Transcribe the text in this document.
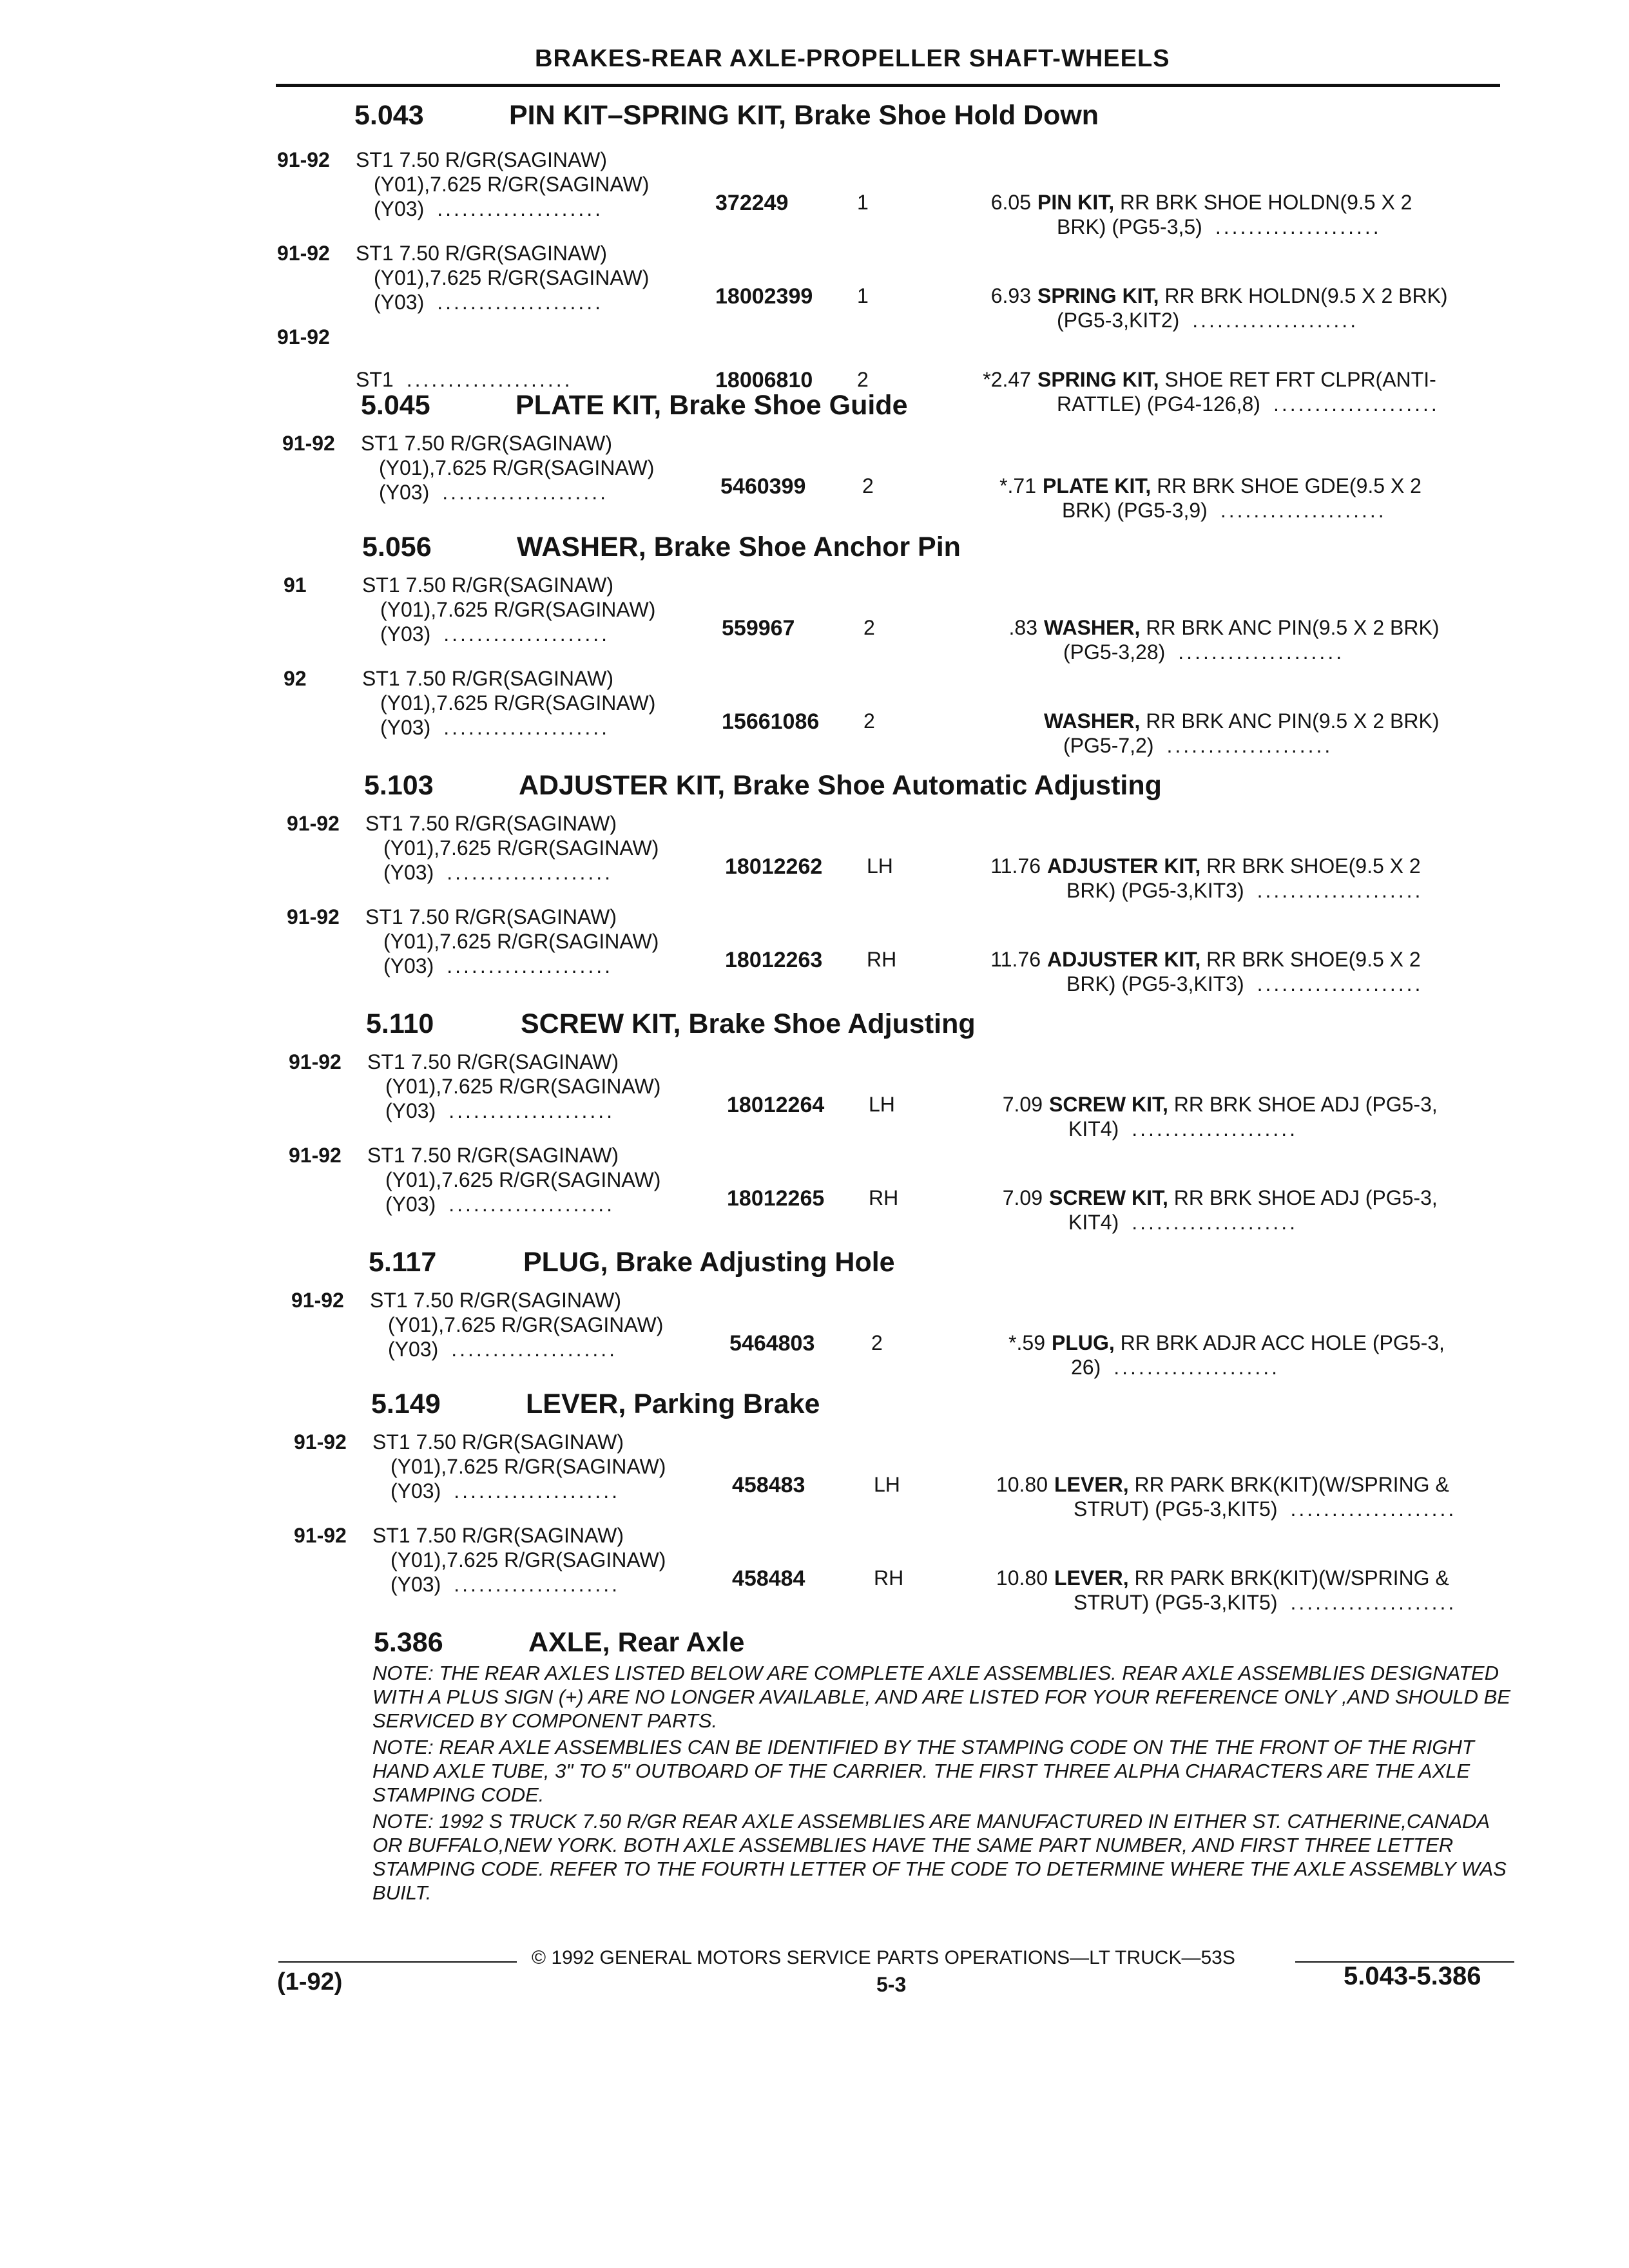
BRAKES-REAR AXLE-PROPELLER SHAFT-WHEELS
5.043	PIN KIT–SPRING KIT, Brake Shoe Hold Down
91-92 ST1 7.50 R/GR(SAGINAW)
(Y01),7.625 R/GR(SAGINAW)
(Y03) ....................	372249	1	6.05 PIN KIT, RR BRK SHOE HOLDN(9.5 X 2
BRK) (PG5-3,5) ....................
91-92 ST1 7.50 R/GR(SAGINAW)
(Y01),7.625 R/GR(SAGINAW)
(Y03) ....................	18002399 1	6.93 SPRING KIT, RR BRK HOLDN(9.5 X 2 BRK)
(PG5-3,KIT2) ....................
91-92
ST1 ....................	18006810 2	*2.47 SPRING KIT, SHOE RET FRT CLPR(ANTI-
RATTLE) (PG4-126,8) ....................
5.045	PLATE KIT, Brake Shoe Guide
91-92 ST1 7.50 R/GR(SAGINAW)
(Y01),7.625 R/GR(SAGINAW)
(Y03) ....................	5460399	2	*.71 PLATE KIT, RR BRK SHOE GDE(9.5 X 2
BRK) (PG5-3,9) ....................
5.056	WASHER, Brake Shoe Anchor Pin
91	ST1 7.50 R/GR(SAGINAW)
(Y01),7.625 R/GR(SAGINAW)
(Y03) ....................	559967	2	.83 WASHER, RR BRK ANC PIN(9.5 X 2 BRK)
(PG5-3,28) ....................
92	ST1 7.50 R/GR(SAGINAW)
(Y01),7.625 R/GR(SAGINAW)
(Y03) ....................	15661086 2	WASHER, RR BRK ANC PIN(9.5 X 2 BRK)
(PG5-7,2) ....................
5.103	ADJUSTER KIT, Brake Shoe Automatic Adjusting
91-92 ST1 7.50 R/GR(SAGINAW)
(Y01),7.625 R/GR(SAGINAW)
(Y03) ....................	18012262 LH	11.76 ADJUSTER KIT, RR BRK SHOE(9.5 X 2
BRK) (PG5-3,KIT3) ....................
91-92 ST1 7.50 R/GR(SAGINAW)
(Y01),7.625 R/GR(SAGINAW)
(Y03) ....................	18012263 RH	11.76 ADJUSTER KIT, RR BRK SHOE(9.5 X 2
BRK) (PG5-3,KIT3) ....................
5.110	SCREW KIT, Brake Shoe Adjusting
91-92 ST1 7.50 R/GR(SAGINAW)
(Y01),7.625 R/GR(SAGINAW)
(Y03) ....................	18012264 LH	7.09 SCREW KIT, RR BRK SHOE ADJ (PG5-3,
KIT4) ....................
91-92 ST1 7.50 R/GR(SAGINAW)
(Y01),7.625 R/GR(SAGINAW)
(Y03) ....................	18012265 RH	7.09 SCREW KIT, RR BRK SHOE ADJ (PG5-3,
KIT4) ....................
5.117	PLUG, Brake Adjusting Hole
91-92 ST1 7.50 R/GR(SAGINAW)
(Y01),7.625 R/GR(SAGINAW)
(Y03) ....................	5464803	2	*.59 PLUG, RR BRK ADJR ACC HOLE (PG5-3,
26) ....................
5.149	LEVER, Parking Brake
91-92 ST1 7.50 R/GR(SAGINAW)
(Y01),7.625 R/GR(SAGINAW)
(Y03) ....................	458483	LH	10.80 LEVER, RR PARK BRK(KIT)(W/SPRING &
STRUT) (PG5-3,KIT5) ....................
91-92 ST1 7.50 R/GR(SAGINAW)
(Y01),7.625 R/GR(SAGINAW)
(Y03) ....................	458484	RH	10.80 LEVER, RR PARK BRK(KIT)(W/SPRING &
STRUT) (PG5-3,KIT5) ....................
5.386	AXLE, Rear Axle
NOTE: THE REAR AXLES LISTED BELOW ARE COMPLETE AXLE ASSEMBLIES. REAR AXLE ASSEMBLIES DESIGNATED WITH A PLUS SIGN (+) ARE NO LONGER AVAILABLE, AND ARE LISTED FOR YOUR REFERENCE ONLY ,AND SHOULD BE SERVICED BY COMPONENT PARTS.
NOTE: REAR AXLE ASSEMBLIES CAN BE IDENTIFIED BY THE STAMPING CODE ON THE THE FRONT OF THE RIGHT HAND AXLE TUBE, 3" TO 5" OUTBOARD OF THE CARRIER. THE FIRST THREE ALPHA CHARACTERS ARE THE AXLE STAMPING CODE.
NOTE: 1992 S TRUCK 7.50 R/GR REAR AXLE ASSEMBLIES ARE MANUFACTURED IN EITHER ST. CATHERINE,CANADA OR BUFFALO,NEW YORK. BOTH AXLE ASSEMBLIES HAVE THE SAME PART NUMBER, AND FIRST THREE LETTER STAMPING CODE. REFER TO THE FOURTH LETTER OF THE CODE TO DETERMINE WHERE THE AXLE ASSEMBLY WAS BUILT.
© 1992 GENERAL MOTORS SERVICE PARTS OPERATIONS—LT TRUCK—53S
(1-92)	5-3	5.043-5.386
